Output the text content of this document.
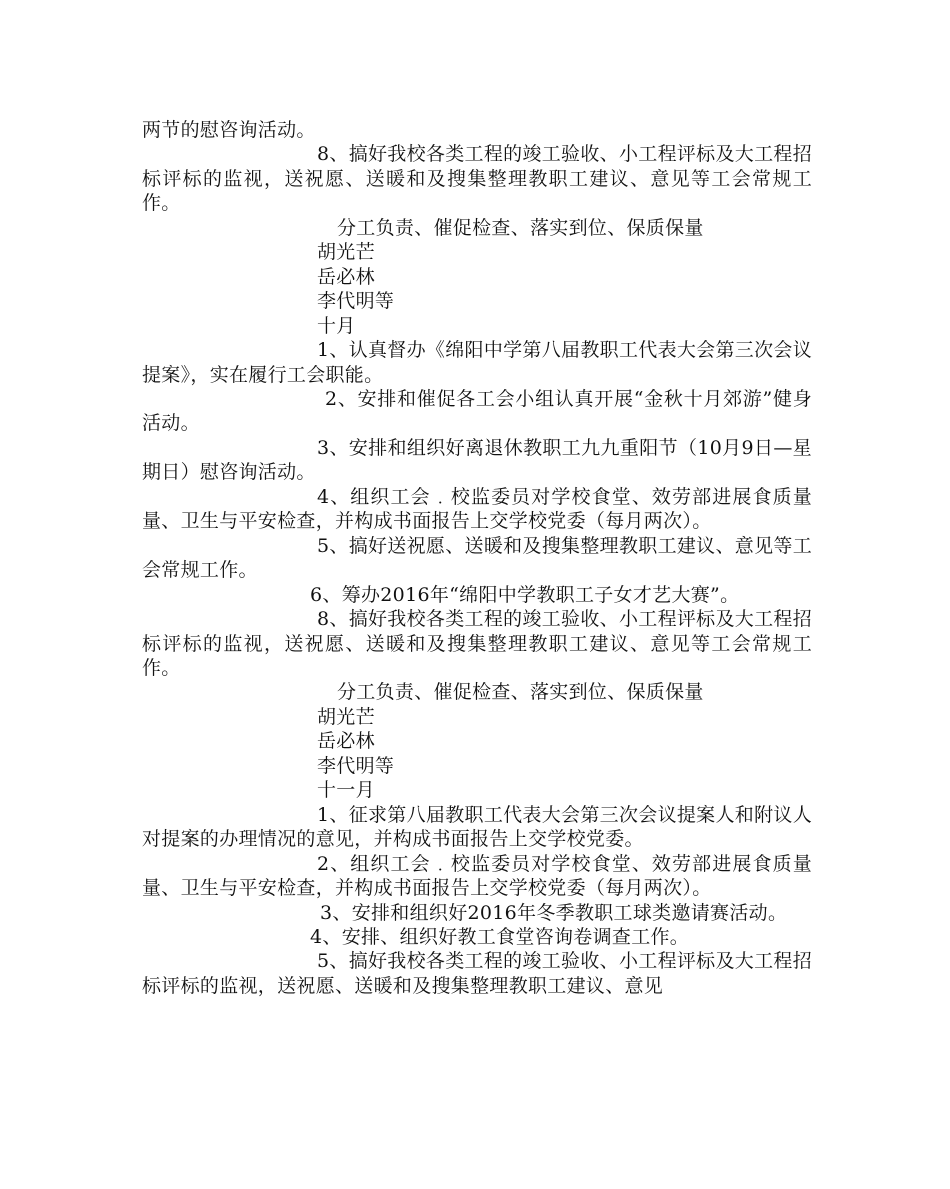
两节的慰咨询活动。

8、搞好我校各类工程的竣工验收、小工程评标及大工程招标评标的监视，送祝愿、送暖和及搜集整理教职工建议、意见等工会常规工作。

分工负责、催促检查、落实到位、保质保量

胡光芒

岳必林

李代明等

十月

1、认真督办《绵阳中学第八届教职工代表大会第三次会议提案》，实在履行工会职能。

2、安排和催促各工会小组认真开展“金秋十月郊游”健身活动。

3、安排和组织好离退休教职工九九重阳节（10月9日—星期日）慰咨询活动。

4、组织工会﹒校监委员对学校食堂、效劳部进展食质量量、卫生与平安检查，并构成书面报告上交学校党委（每月两次）。

5、搞好送祝愿、送暖和及搜集整理教职工建议、意见等工会常规工作。

6、筹办2016年“绵阳中学教职工子女才艺大赛”。

8、搞好我校各类工程的竣工验收、小工程评标及大工程招标评标的监视，送祝愿、送暖和及搜集整理教职工建议、意见等工会常规工作。

分工负责、催促检查、落实到位、保质保量

胡光芒

岳必林

李代明等

十一月

1、征求第八届教职工代表大会第三次会议提案人和附议人对提案的办理情况的意见，并构成书面报告上交学校党委。

2、组织工会﹒校监委员对学校食堂、效劳部进展食质量量、卫生与平安检查，并构成书面报告上交学校党委（每月两次）。

3、安排和组织好2016年冬季教职工球类邀请赛活动。

4、安排、组织好教工食堂咨询卷调查工作。

5、搞好我校各类工程的竣工验收、小工程评标及大工程招标评标的监视，送祝愿、送暖和及搜集整理教职工建议、意见
